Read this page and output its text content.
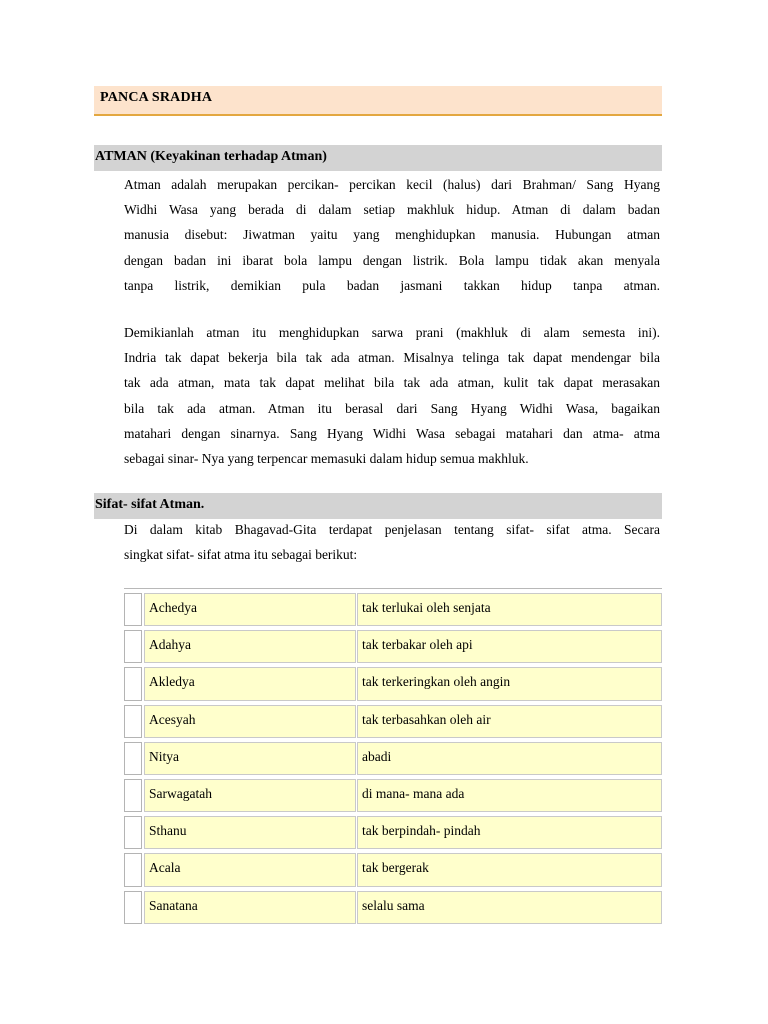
PANCA SRADHA
ATMAN (Keyakinan terhadap Atman)
Atman adalah merupakan percikan- percikan kecil (halus) dari Brahman/ Sang Hyang
Widhi Wasa yang berada di dalam setiap makhluk hidup. Atman di dalam badan
manusia disebut: Jiwatman yaitu yang menghidupkan manusia. Hubungan atman
dengan badan ini ibarat bola lampu dengan listrik. Bola lampu tidak akan menyala
tanpa listrik, demikian pula badan jasmani takkan hidup tanpa atman.
Demikianlah atman itu menghidupkan sarwa prani (makhluk di alam semesta ini).
Indria tak dapat bekerja bila tak ada atman. Misalnya telinga tak dapat mendengar bila
tak ada atman, mata tak dapat melihat bila tak ada atman, kulit tak dapat merasakan
bila tak ada atman. Atman itu berasal dari Sang Hyang Widhi Wasa, bagaikan
matahari dengan sinarnya. Sang Hyang Widhi Wasa sebagai matahari dan atma- atma
sebagai sinar- Nya yang terpencar memasuki dalam hidup semua makhluk.
Sifat- sifat Atman.
Di dalam kitab Bhagavad-Gita terdapat penjelasan tentang sifat- sifat atma. Secara
singkat sifat- sifat atma itu sebagai berikut:
Achedya	tak terlukai oleh senjata
Adahya	tak terbakar oleh api
Akledya	tak terkeringkan oleh angin
Acesyah	tak terbasahkan oleh air
Nitya	abadi
Sarwagatah	di mana- mana ada
Sthanu	tak berpindah- pindah
Acala	tak bergerak
Sanatana	selalu sama
